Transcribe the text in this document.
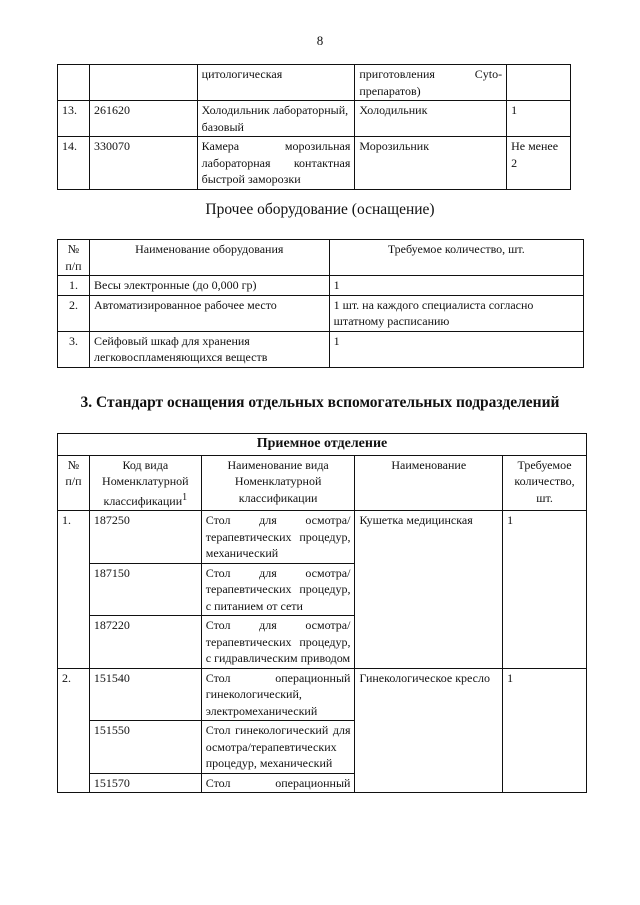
8
		цитологическая	приготовления Cyto-препаратов)	
13.	261620	Холодильник лабораторный, базовый	Холодильник	1
14.	330070	Камера морозильная лабораторная контактная быстрой заморозки	Морозильник	Не менее 2
Прочее оборудование (оснащение)
№ п/п	Наименование оборудования	Требуемое количество, шт.
1.	Весы электронные (до 0,000 гр)	1
2.	Автоматизированное рабочее место	1 шт. на каждого специалиста согласно штатному расписанию
3.	Сейфовый шкаф для хранения легковоспламеняющихся веществ	1
3. Стандарт оснащения отдельных вспомогательных подразделений
Приемное отделение				
№ п/п	Код вида Номенклатурной классификации$^1$	Наименование вида Номенклатурной классификации	Наименование	Требуемое количество, шт.
1.	187250	Стол для осмотра/терапевтических процедур, механический	Кушетка медицинская	1
	187150	Стол для осмотра/терапевтических процедур, с питанием от сети		
	187220	Стол для осмотра/терапевтических процедур, с гидравлическим приводом		
2.	151540	Стол операционный гинекологический, электромеханический	Гинекологическое кресло	1
	151550	Стол гинекологический для осмотра/терапевтических процедур, механический		
	151570	Стол операционный		
